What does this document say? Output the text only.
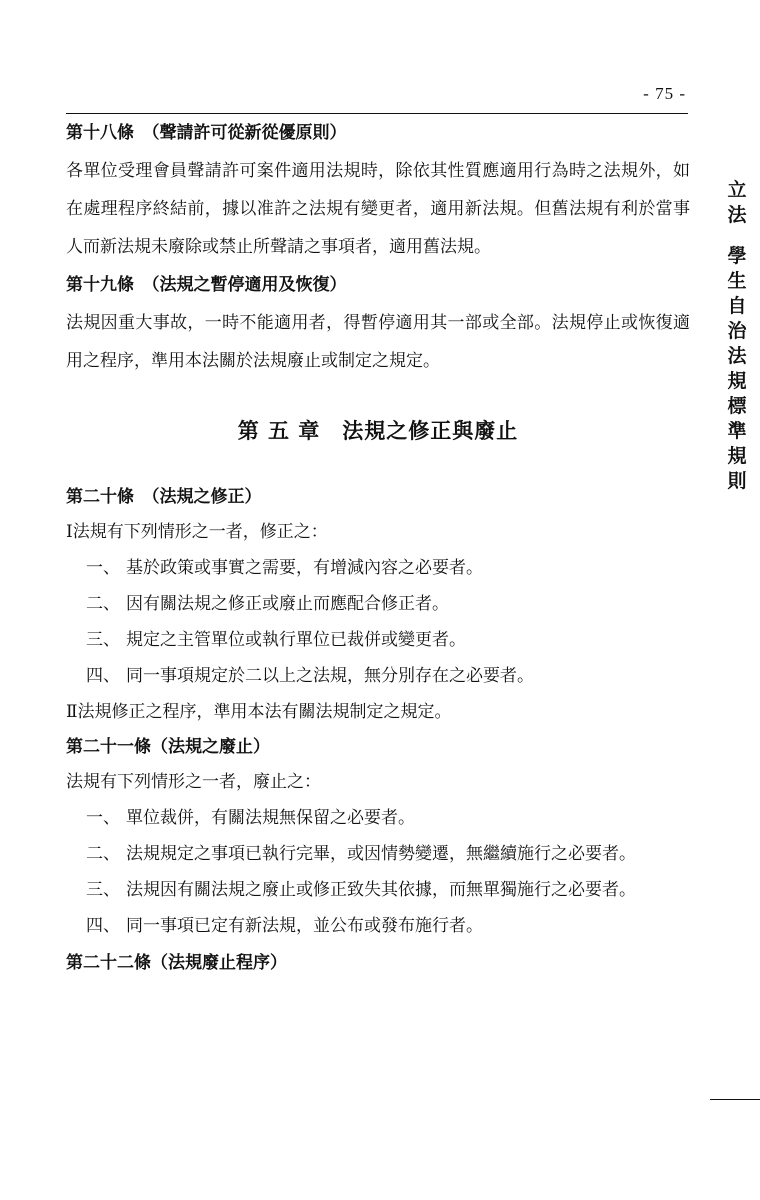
- 75 -
第十八條　（聲請許可從新從優原則）
各單位受理會員聲請許可案件適用法規時，除依其性質應適用行為時之法規外，如在處理程序終結前，據以准許之法規有變更者，適用新法規。但舊法規有利於當事人而新法規未廢除或禁止所聲請之事項者，適用舊法規。
第十九條　（法規之暫停適用及恢復）
法規因重大事故，一時不能適用者，得暫停適用其一部或全部。法規停止或恢復適用之程序，準用本法關於法規廢止或制定之規定。
第 五 章　法規之修正與廢止
第二十條　（法規之修正）
Ⅰ法規有下列情形之一者，修正之：
一、 基於政策或事實之需要，有增減內容之必要者。
二、 因有關法規之修正或廢止而應配合修正者。
三、 規定之主管單位或執行單位已裁併或變更者。
四、 同一事項規定於二以上之法規，無分別存在之必要者。
Ⅱ法規修正之程序，準用本法有關法規制定之規定。
第二十一條（法規之廢止）
法規有下列情形之一者，廢止之：
一、 單位裁併，有關法規無保留之必要者。
二、 法規規定之事項已執行完畢，或因情勢變遷，無繼續施行之必要者。
三、 法規因有關法規之廢止或修正致失其依據，而無單獨施行之必要者。
四、 同一事項已定有新法規，並公布或發布施行者。
第二十二條（法規廢止程序）
立
法
學
生
自
治
法
規
標
準
規
則
